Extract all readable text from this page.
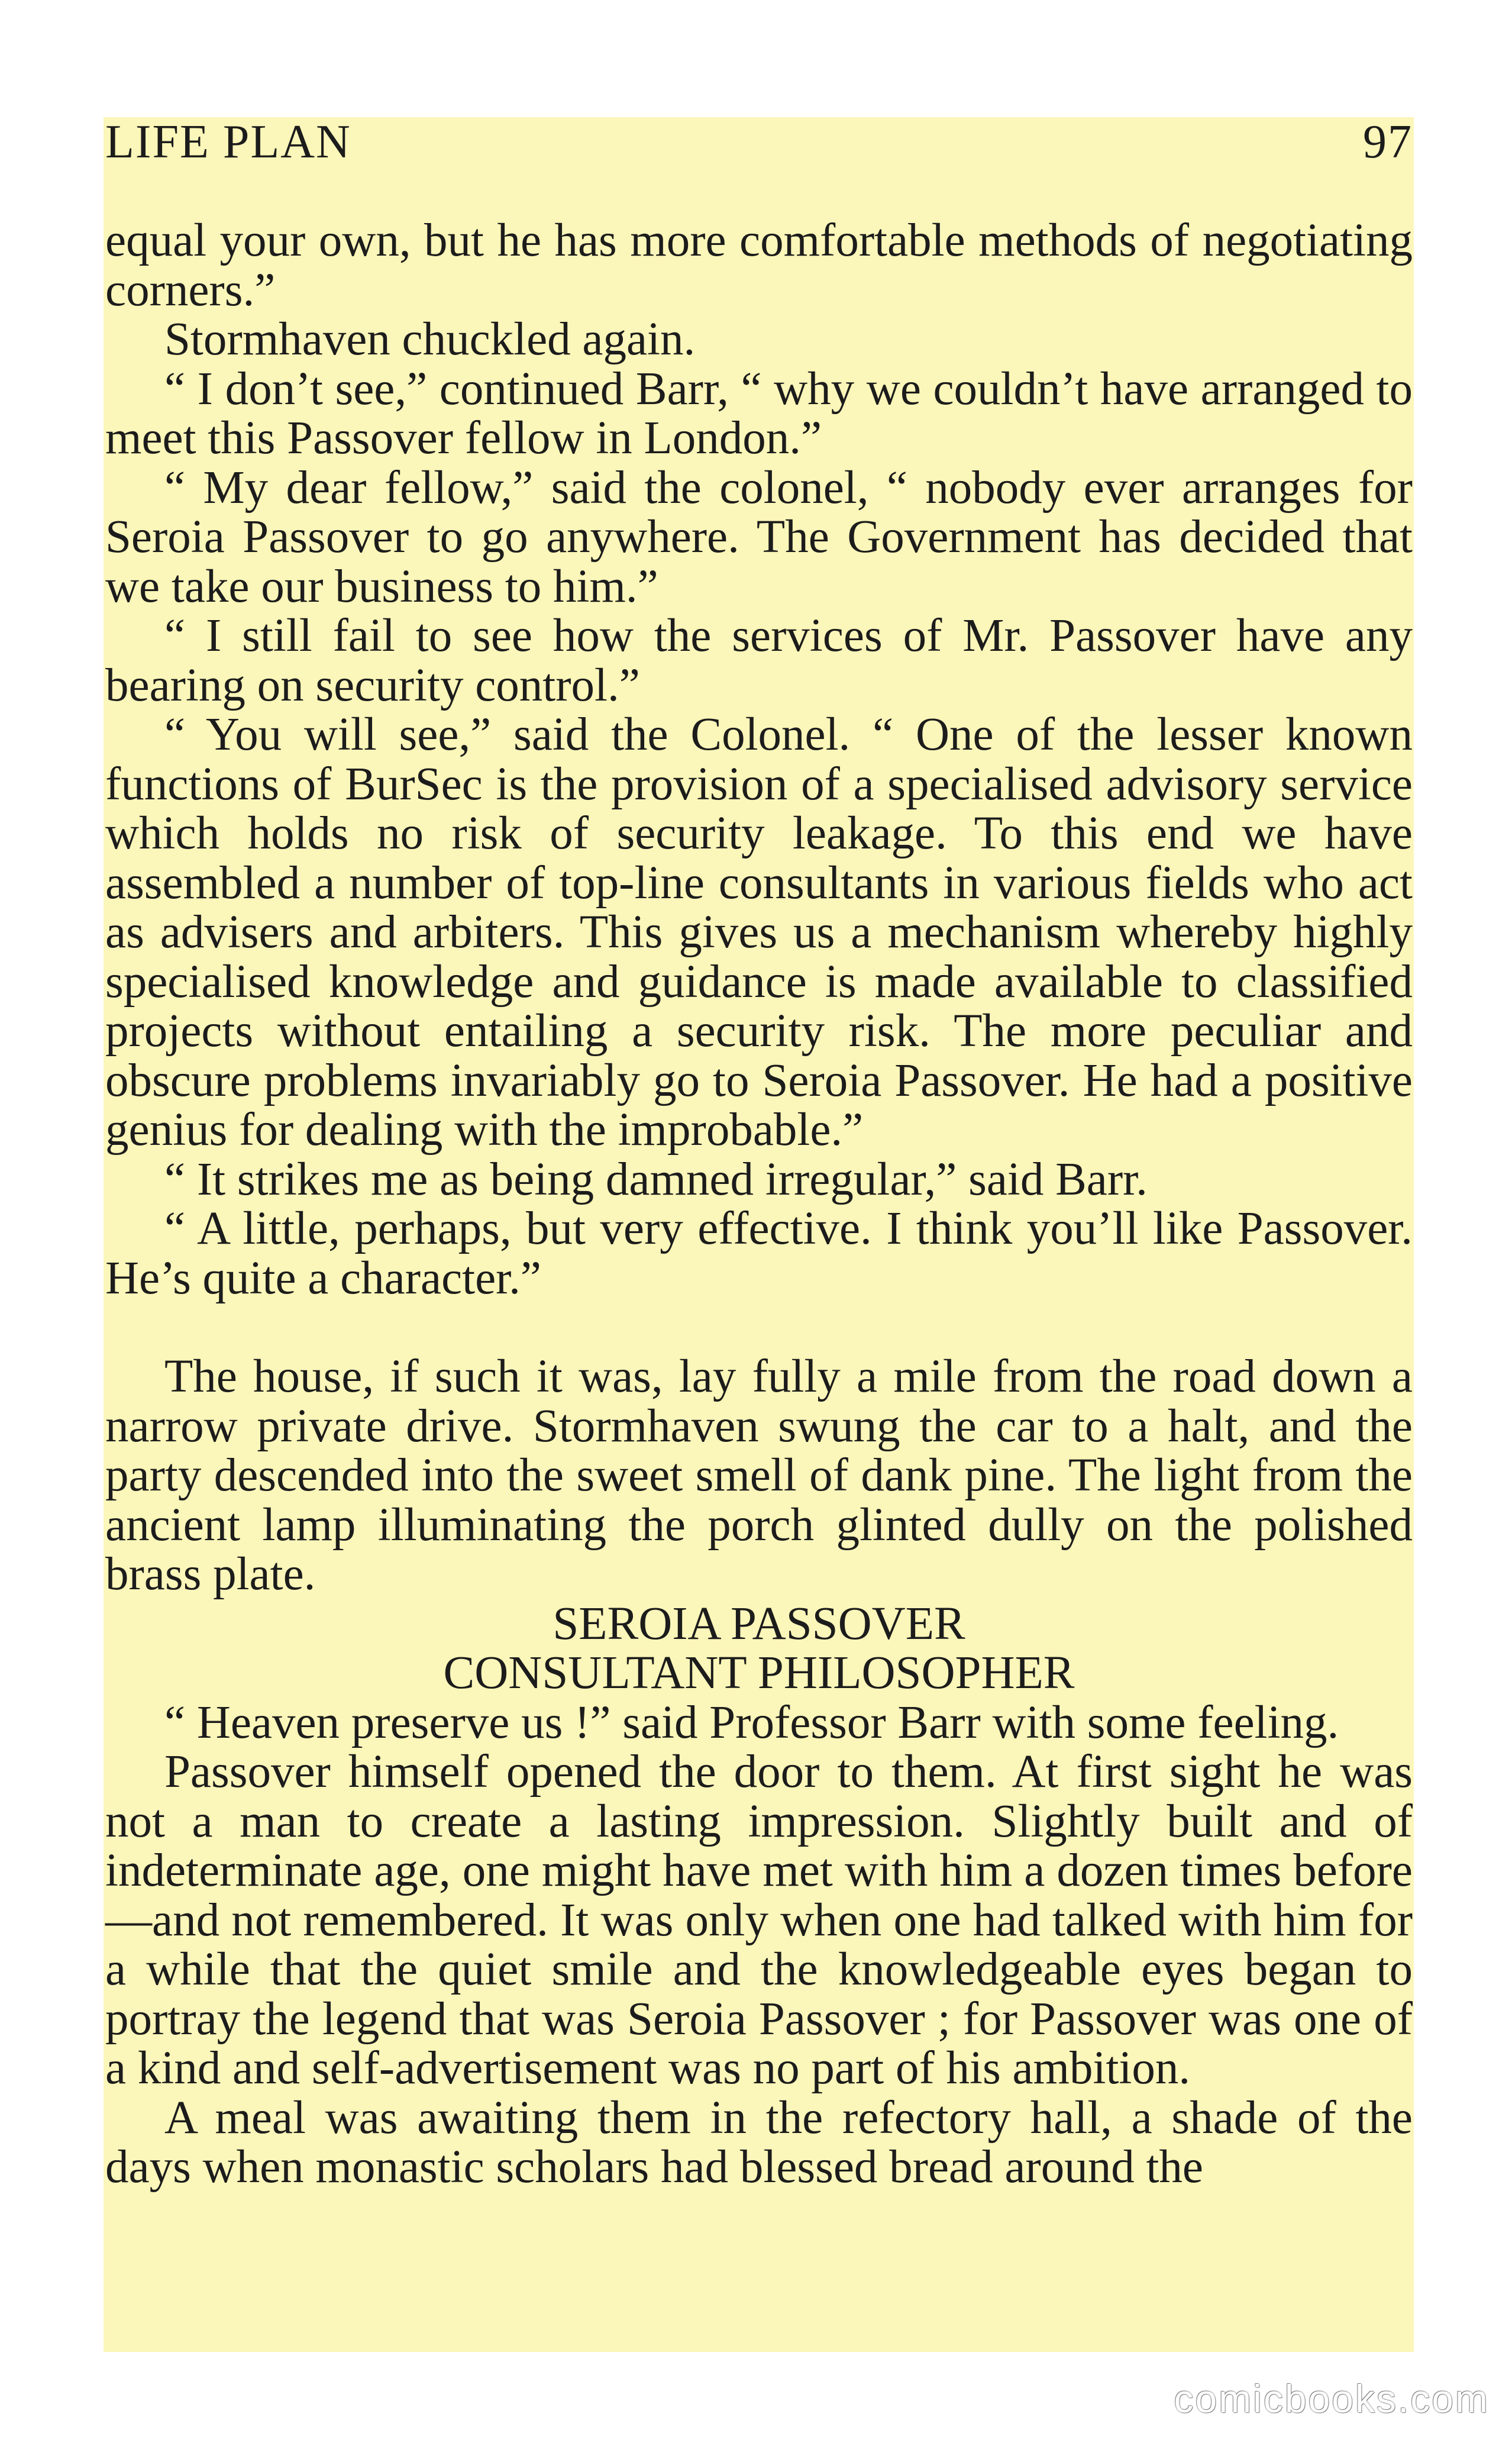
LIFE PLAN	97

equal your own, but he has more comfortable methods of negotiating corners.”

Stormhaven chuckled again.

“ I don’t see,” continued Barr, “ why we couldn’t have arranged to meet this Passover fellow in London.”

“ My dear fellow,” said the colonel, “ nobody ever arranges for Seroia Passover to go anywhere. The Government has decided that we take our business to him.”

“ I still fail to see how the services of Mr. Passover have any bearing on security control.”

“ You will see,” said the Colonel. “ One of the lesser known functions of BurSec is the provision of a specialised advisory service which holds no risk of security leakage. To this end we have assembled a number of top-line consultants in various fields who act as advisers and arbiters. This gives us a mechanism whereby highly specialised knowledge and guidance is made available to classified projects without entailing a security risk. The more peculiar and obscure problems invariably go to Seroia Passover. He had a positive genius for dealing with the improbable.”

“ It strikes me as being damned irregular,” said Barr.

“ A little, perhaps, but very effective. I think you’ll like Passover. He’s quite a character.”

The house, if such it was, lay fully a mile from the road down a narrow private drive. Stormhaven swung the car to a halt, and the party descended into the sweet smell of dank pine. The light from the ancient lamp illuminating the porch glinted dully on the polished brass plate.

SEROIA PASSOVER

CONSULTANT PHILOSOPHER

“ Heaven preserve us !” said Professor Barr with some feeling.

Passover himself opened the door to them. At first sight he was not a man to create a lasting impression. Slightly built and of indeterminate age, one might have met with him a dozen times before—and not remembered. It was only when one had talked with him for a while that the quiet smile and the knowledgeable eyes began to portray the legend that was Seroia Passover ; for Passover was one of a kind and self-advertisement was no part of his ambition.

A meal was awaiting them in the refectory hall, a shade of the days when monastic scholars had blessed bread around the

comicbooks.com
